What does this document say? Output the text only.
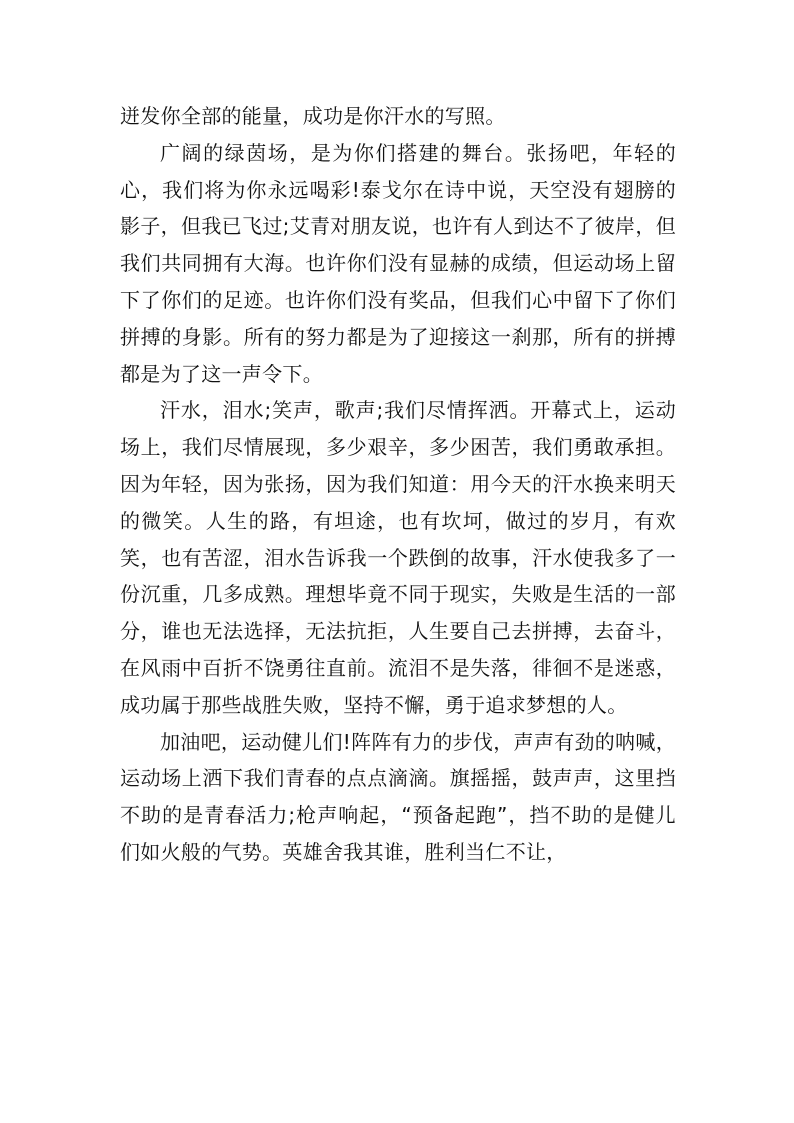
迸发你全部的能量，成功是你汗水的写照。

广阔的绿茵场，是为你们搭建的舞台。张扬吧，年轻的心，我们将为你永远喝彩!泰戈尔在诗中说，天空没有翅膀的影子，但我已飞过;艾青对朋友说，也许有人到达不了彼岸，但我们共同拥有大海。也许你们没有显赫的成绩，但运动场上留下了你们的足迹。也许你们没有奖品，但我们心中留下了你们拼搏的身影。所有的努力都是为了迎接这一刹那，所有的拼搏都是为了这一声令下。

汗水，泪水;笑声，歌声;我们尽情挥洒。开幕式上，运动场上，我们尽情展现，多少艰辛，多少困苦，我们勇敢承担。因为年轻，因为张扬，因为我们知道：用今天的汗水换来明天的微笑。人生的路，有坦途，也有坎坷，做过的岁月，有欢笑，也有苦涩，泪水告诉我一个跌倒的故事，汗水使我多了一份沉重，几多成熟。理想毕竟不同于现实，失败是生活的一部分，谁也无法选择，无法抗拒，人生要自己去拼搏，去奋斗，在风雨中百折不饶勇往直前。流泪不是失落，徘徊不是迷惑，成功属于那些战胜失败，坚持不懈，勇于追求梦想的人。

加油吧，运动健儿们!阵阵有力的步伐，声声有劲的呐喊，运动场上洒下我们青春的点点滴滴。旗摇摇，鼓声声，这里挡不助的是青春活力;枪声响起，“预备起跑”，挡不助的是健儿们如火般的气势。英雄舍我其谁，胜利当仁不让，
